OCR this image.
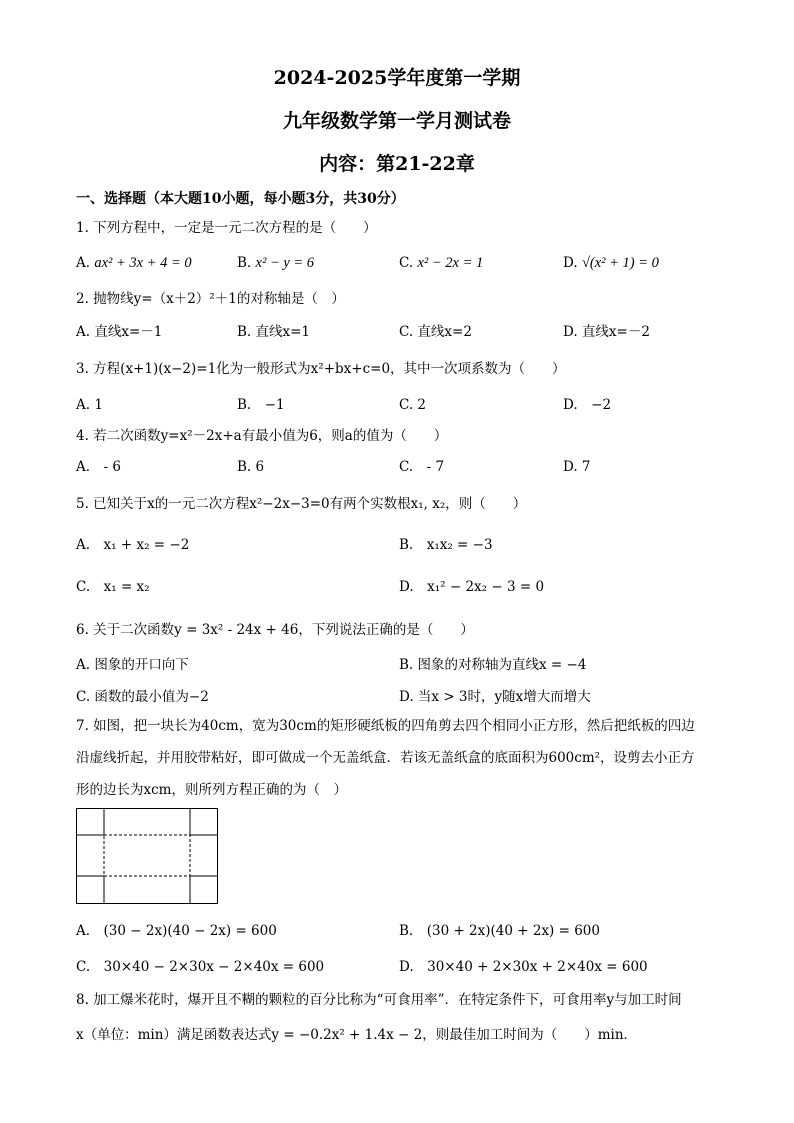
2024-2025学年度第一学期
九年级数学第一学月测试卷
内容：第21-22章
一、选择题（本大题10小题，每小题3分，共30分）
1. 下列方程中，一定是一元二次方程的是（　　）
A. ax² + 3x + 4 = 0	B. x² − y = 6	C. x² − 2x = 1	D. √(x² + 1) = 0
2. 抛物线y=（x＋2）²＋1的对称轴是（　）
A. 直线x=－1	B. 直线x=1	C. 直线x=2	D. 直线x=－2
3. 方程(x+1)(x−2)=1化为一般形式为x²+bx+c=0，其中一次项系数为（　　）
A. 1	B.　−1	C. 2	D.　−2
4. 若二次函数y=x²－2x+a有最小值为6，则a的值为（　　）
A.　- 6	B. 6	C.　- 7	D. 7
5. 已知关于x的一元二次方程x²−2x−3=0有两个实数根x₁, x₂，则（　　）
A.　x₁ + x₂ = −2	B.　x₁x₂ = −3
C.　x₁ = x₂	D.　x₁² − 2x₂ − 3 = 0
6. 关于二次函数y = 3x² - 24x + 46，下列说法正确的是（　　）
A. 图象的开口向下	B. 图象的对称轴为直线x = −4
C. 函数的最小值为−2	D. 当x > 3时，y随x增大而增大
7. 如图，把一块长为40cm，宽为30cm的矩形硬纸板的四角剪去四个相同小正方形，然后把纸板的四边
沿虚线折起，并用胶带粘好，即可做成一个无盖纸盒．若该无盖纸盒的底面积为600cm²，设剪去小正方
形的边长为xcm，则所列方程正确的为（　）
A.　(30 − 2x)(40 − 2x) = 600	B.　(30 + 2x)(40 + 2x) = 600
C.　30×40 − 2×30x − 2×40x = 600	D.　30×40 + 2×30x + 2×40x = 600
8. 加工爆米花时，爆开且不糊的颗粒的百分比称为“可食用率”．在特定条件下，可食用率y与加工时间
x（单位：min）满足函数表达式y = −0.2x² + 1.4x − 2，则最佳加工时间为（　　）min．
